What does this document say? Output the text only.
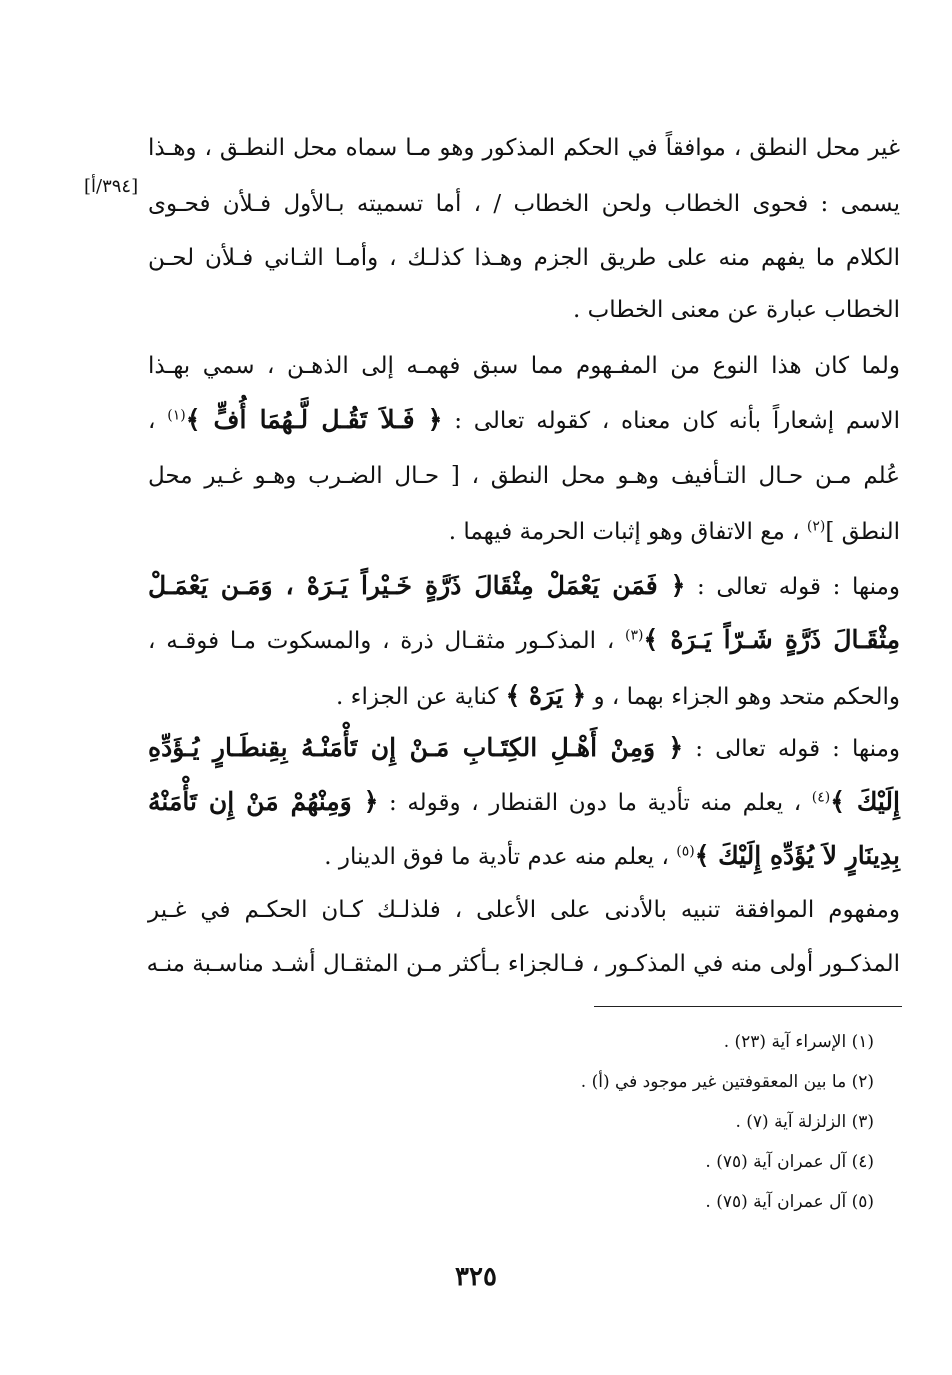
غير محل النطق ، موافقاً في الحكم المذكور وهو مـا سماه محل النطـق ، وهـذا
يسمى : فحوى الخطاب ولحن الخطاب / ، أما تسميته بـالأول فـلأن فحـوى
الكلام ما يفهم منه على طريق الجزم وهـذا كذلـك ، وأمـا الثـاني فـلأن لحـن
الخطاب عبارة عن معنى الخطاب .
ولما كان هذا النوع من المفـهوم مما سبق فهمـه إلى الذهـن ، سمي بهـذا
الاسم إشعاراً بأنه كان معناه ، كقوله تعالى : ﴿ فَـلاَ تَقُـل لَّـهُمَا أُفٍّ ﴾$^{(١)}$ ،
عُلم مـن حـال التـأفيف وهـو محل النطق ، [ حـال الضـرب وهـو غـير محل
النطق ]$^{(٢)}$ ، مع الاتفاق وهو إثبات الحرمة فيهما .
ومنها : قوله تعالى : ﴿ فَمَن يَعْمَلْ مِثْقَالَ ذَرَّةٍ خَـيْراً يَـرَهْ ، وَمَـن يَعْمَـلْ
مِثْقَـالَ ذَرَّةٍ شَـرّاً يَـرَهْ ﴾$^{(٣)}$ ، المذكـور مثقـال ذرة ، والمسكوت مـا فوقـه ،
والحكم متحد وهو الجزاء بهما ، و ﴿ يَرَهْ ﴾ كناية عن الجزاء .
ومنها : قوله تعالى : ﴿ وَمِنْ أَهْـلِ الكِتَـابِ مَـنْ إِن تَأْمَنْـهُ بِقِنطَـارٍ يُـؤَدِّهِ
إِلَيْكَ ﴾$^{(٤)}$ ، يعلم منه تأدية ما دون القنطار ، وقوله : ﴿ وَمِنْهُمْ مَنْ إِن تَأْمَنْهُ
بِدِينَارٍ لاَ يُؤَدِّهِ إِلَيْكَ ﴾$^{(٥)}$ ، يعلم منه عدم تأدية ما فوق الدينار .
ومفهوم الموافقة تنبيه بالأدنى على الأعلى ، فلذلـك كـان الحكـم في غـير
المذكـور أولى منه في المذكـور ، فـالجزاء بـأكثر مـن المثقـال أشـد مناسـبة منـه
[٣٩٤/أ]
(١) الإسراء آية (٢٣) .
(٢) ما بين المعقوفتين غير موجود في (أ) .
(٣) الزلزلة آية (٧) .
(٤) آل عمران آية (٧٥) .
(٥) آل عمران آية (٧٥) .
٣٢٥
